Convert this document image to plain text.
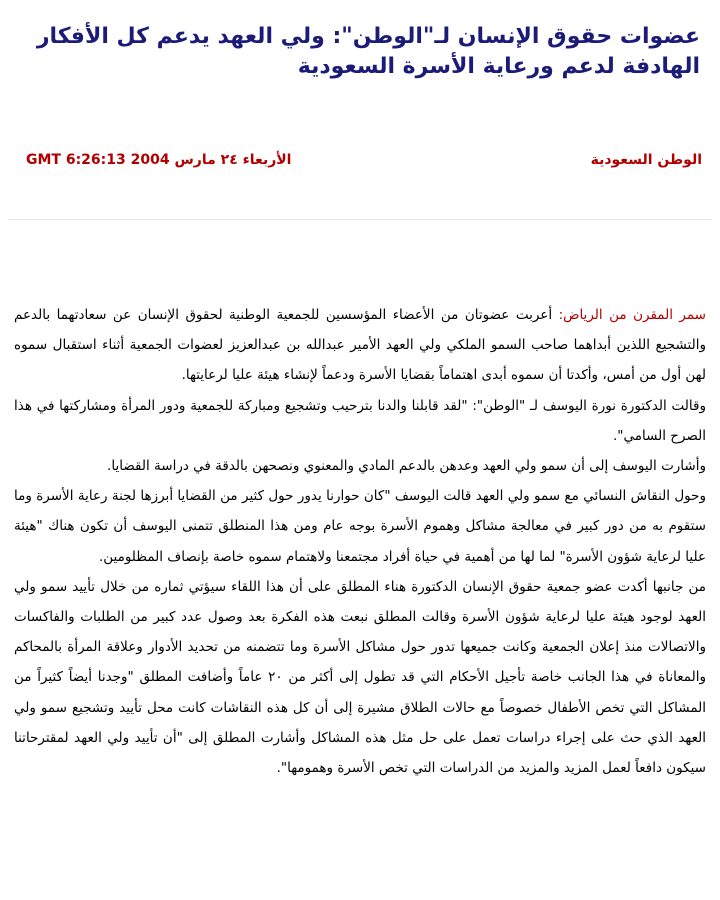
عضوات حقوق الإنسان لـ"الوطن": ولي العهد يدعم كل الأفكار الهادفة لدعم ورعاية الأسرة السعودية
الوطن السعودية
الأربعاء ٢٤ مارس 2004 GMT 6:26:13

سمر المقرن من الرياض: أعربت عضوتان من الأعضاء المؤسسين للجمعية الوطنية لحقوق الإنسان عن سعادتهما بالدعم والتشجيع اللذين أبداهما صاحب السمو الملكي ولي العهد الأمير عبدالله بن عبدالعزيز لعضوات الجمعية أثناء استقبال سموه لهن أول من أمس، وأكدتا أن سموه أبدى اهتماماً بقضايا الأسرة ودعماً لإنشاء هيئة عليا لرعايتها.

وقالت الدكتورة نورة اليوسف لـ "الوطن": "لقد قابلنا والدنا بترحيب وتشجيع ومباركة للجمعية ودور المرأة ومشاركتها في هذا الصرح السامي".

وأشارت اليوسف إلى أن سمو ولي العهد وعدهن بالدعم المادي والمعنوي ونصحهن بالدقة في دراسة القضايا.

وحول النقاش النسائي مع سمو ولي العهد قالت اليوسف "كان حوارنا يدور حول كثير من القضايا أبرزها لجنة رعاية الأسرة وما ستقوم به من دور كبير في معالجة مشاكل وهموم الأسرة بوجه عام ومن هذا المنطلق تتمنى اليوسف أن تكون هناك "هيئة عليا لرعاية شؤون الأسرة" لما لها من أهمية في حياة أفراد مجتمعنا ولاهتمام سموه خاصة بإنصاف المظلومين.

من جانبها أكدت عضو جمعية حقوق الإنسان الدكتورة هناء المطلق على أن هذا اللقاء سيؤتي ثماره من خلال تأييد سمو ولي العهد لوجود هيئة عليا لرعاية شؤون الأسرة وقالت المطلق نبعت هذه الفكرة بعد وصول عدد كبير من الطلبات والفاكسات والاتصالات منذ إعلان الجمعية وكانت جميعها تدور حول مشاكل الأسرة وما تتضمنه من تحديد الأدوار وعلاقة المرأة بالمحاكم والمعاناة في هذا الجانب خاصة تأجيل الأحكام التي قد تطول إلى أكثر من ٢٠ عاماً وأضافت المطلق "وجدنا أيضاً كثيراً من المشاكل التي تخص الأطفال خصوصاً مع حالات الطلاق مشيرة إلى أن كل هذه النقاشات كانت محل تأييد وتشجيع سمو ولي العهد الذي حث على إجراء دراسات تعمل على حل مثل هذه المشاكل وأشارت المطلق إلى "أن تأييد ولي العهد لمقترحاتنا سيكون دافعاً لعمل المزيد والمزيد من الدراسات التي تخص الأسرة وهمومها".
